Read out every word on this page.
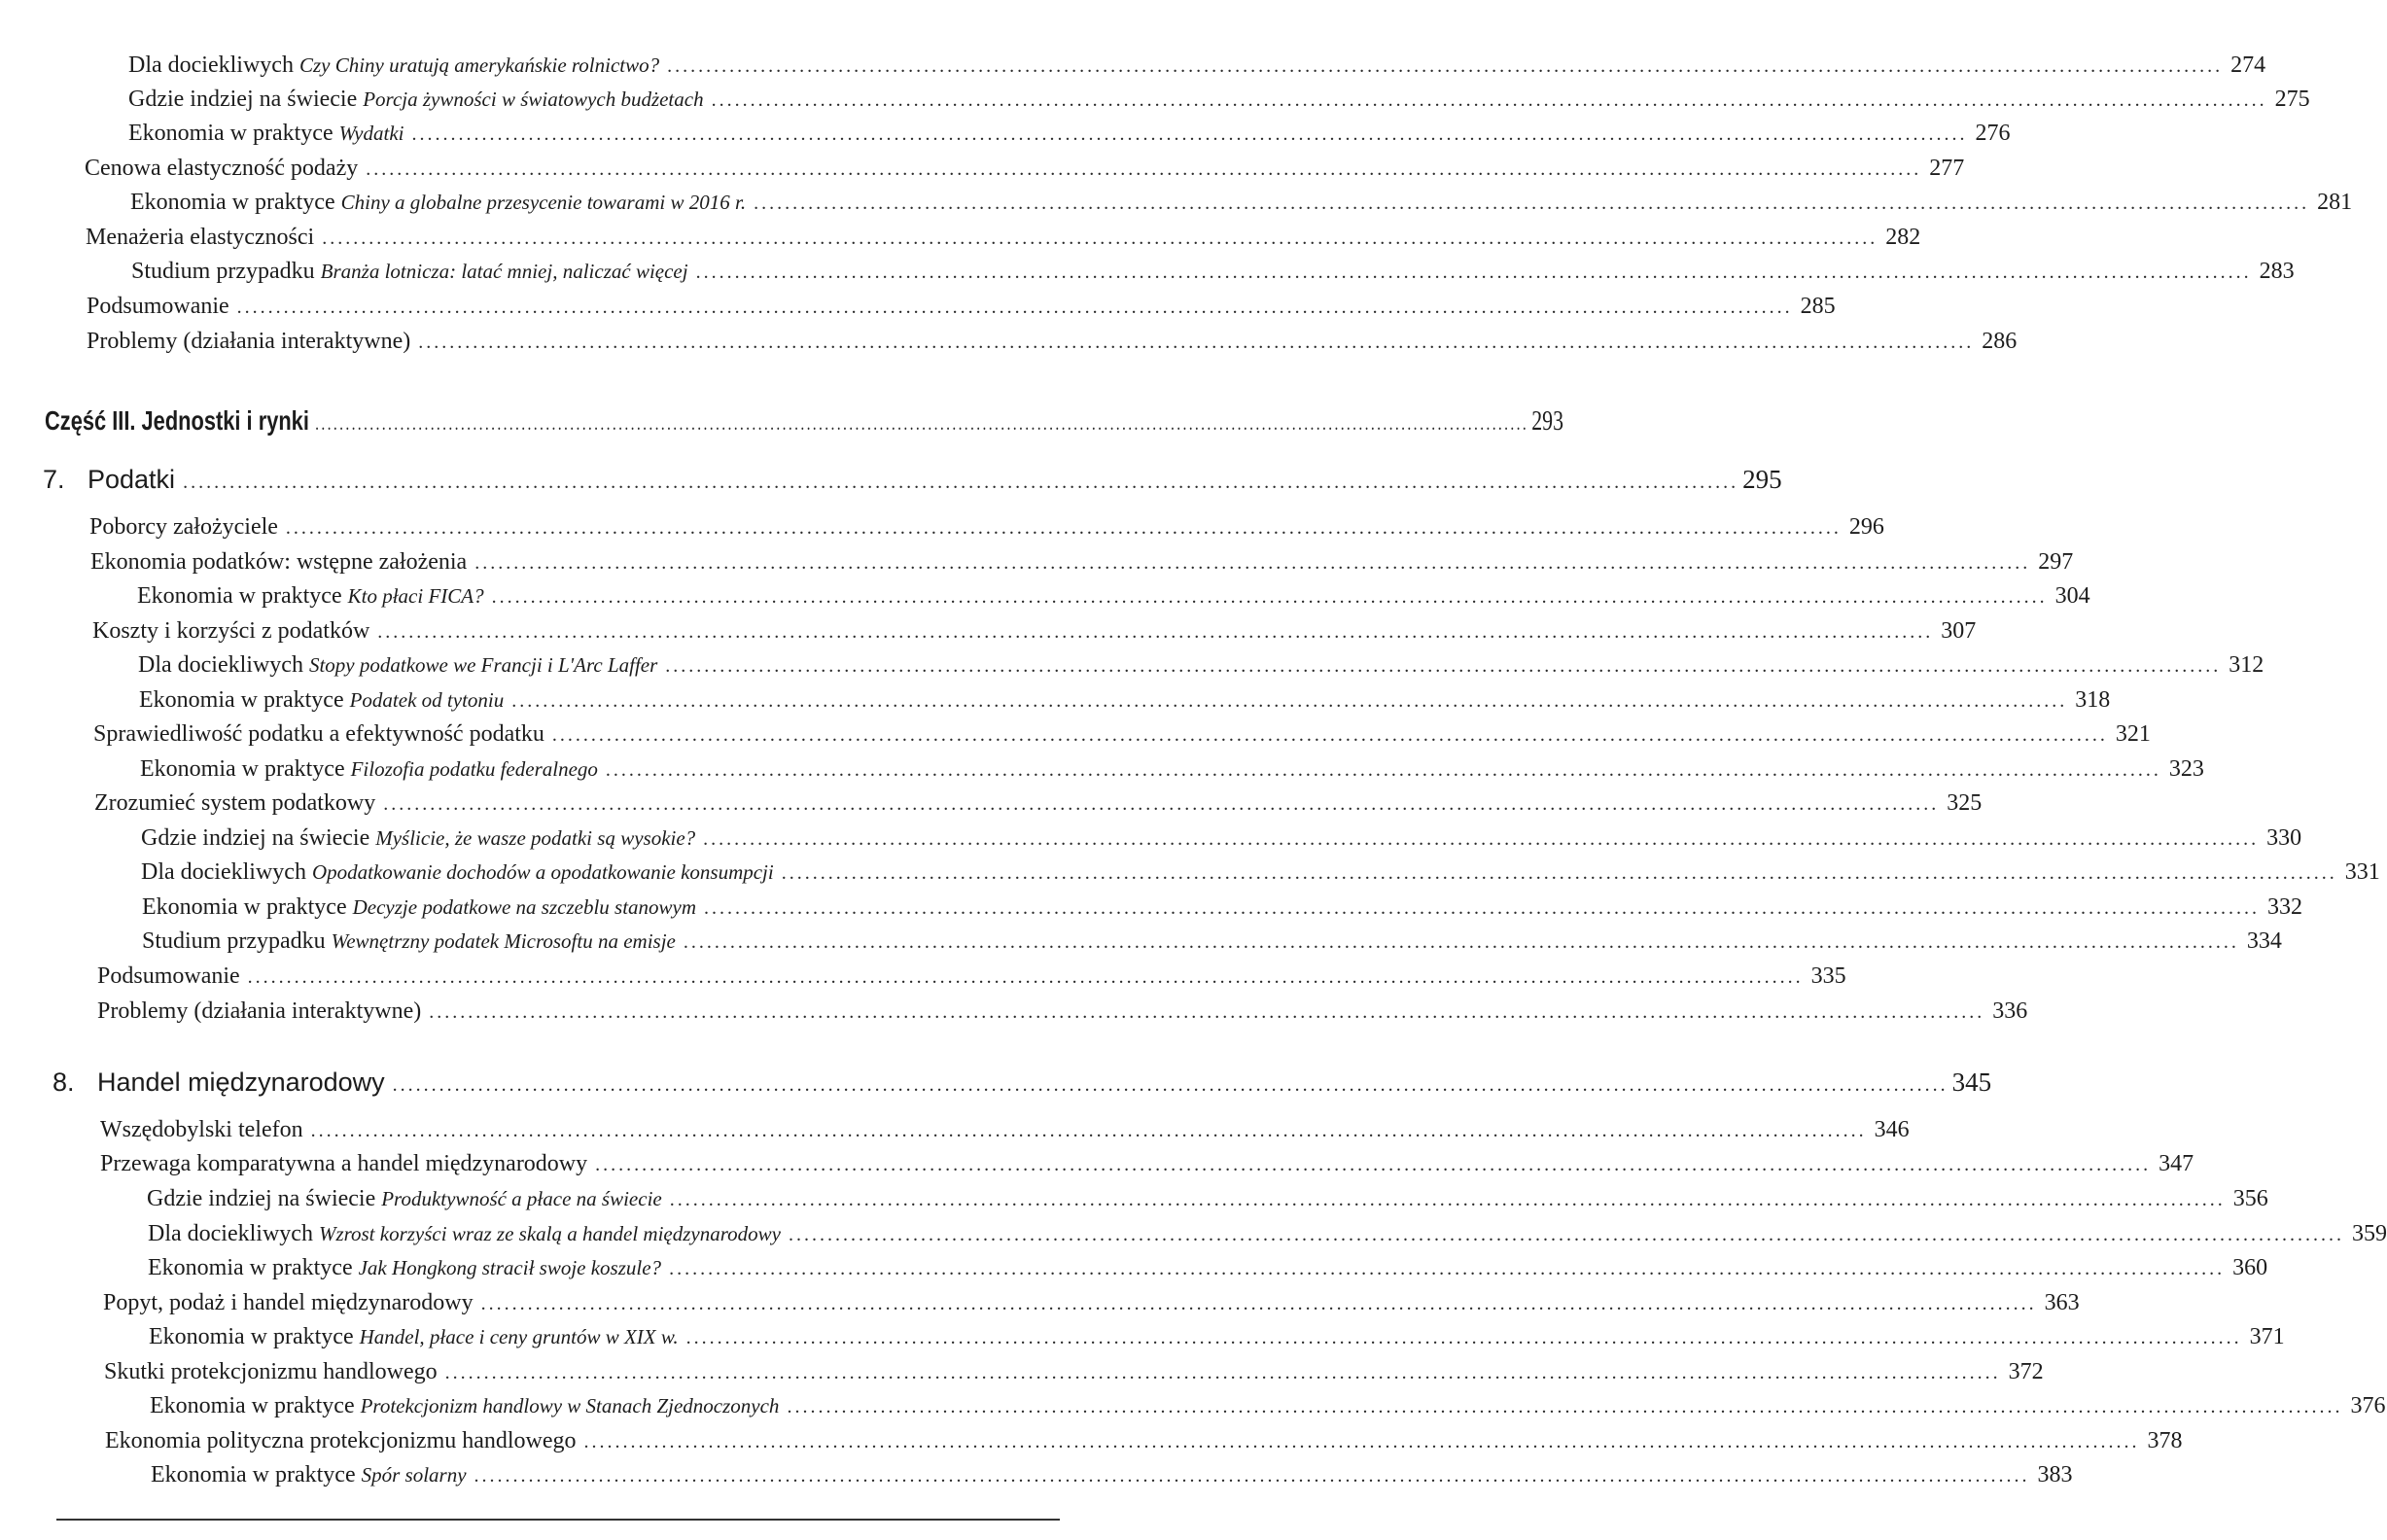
Dla dociekliwych Czy Chiny uratują amerykańskie rolnictwo? ........................................................................................................................................................................................................ 274
Gdzie indziej na świecie Porcja żywności w światowych budżetach ........................................................................................................................................................................................................ 275
Ekonomia w praktyce Wydatki ........................................................................................................................................................................................................ 276
Cenowa elastyczność podaży ........................................................................................................................................................................................................ 277
Ekonomia w praktyce Chiny a globalne przesycenie towarami w 2016 r. ........................................................................................................................................................................................................ 281
Menażeria elastyczności ........................................................................................................................................................................................................ 282
Studium przypadku Branża lotnicza: latać mniej, naliczać więcej ........................................................................................................................................................................................................ 283
Podsumowanie ........................................................................................................................................................................................................ 285
Problemy (działania interaktywne) ........................................................................................................................................................................................................ 286
Część III. Jednostki i rynki ........................................................................................................................................................................................................ 293
7. Podatki ........................................................................................................................................................................................................ 295
Poborcy założyciele ........................................................................................................................................................................................................ 296
Ekonomia podatków: wstępne założenia ........................................................................................................................................................................................................ 297
Ekonomia w praktyce Kto płaci FICA? ........................................................................................................................................................................................................ 304
Koszty i korzyści z podatków ........................................................................................................................................................................................................ 307
Dla dociekliwych Stopy podatkowe we Francji i L'Arc Laffer ........................................................................................................................................................................................................ 312
Ekonomia w praktyce Podatek od tytoniu ........................................................................................................................................................................................................ 318
Sprawiedliwość podatku a efektywność podatku ........................................................................................................................................................................................................ 321
Ekonomia w praktyce Filozofia podatku federalnego ........................................................................................................................................................................................................ 323
Zrozumieć system podatkowy ........................................................................................................................................................................................................ 325
Gdzie indziej na świecie Myślicie, że wasze podatki są wysokie? ........................................................................................................................................................................................................ 330
Dla dociekliwych Opodatkowanie dochodów a opodatkowanie konsumpcji ........................................................................................................................................................................................................ 331
Ekonomia w praktyce Decyzje podatkowe na szczeblu stanowym ........................................................................................................................................................................................................ 332
Studium przypadku Wewnętrzny podatek Microsoftu na emisje ........................................................................................................................................................................................................ 334
Podsumowanie ........................................................................................................................................................................................................ 335
Problemy (działania interaktywne) ........................................................................................................................................................................................................ 336
8. Handel międzynarodowy ........................................................................................................................................................................................................ 345
Wszędobylski telefon ........................................................................................................................................................................................................ 346
Przewaga komparatywna a handel międzynarodowy ........................................................................................................................................................................................................ 347
Gdzie indziej na świecie Produktywność a płace na świecie ........................................................................................................................................................................................................ 356
Dla dociekliwych Wzrost korzyści wraz ze skalą a handel międzynarodowy ........................................................................................................................................................................................................ 359
Ekonomia w praktyce Jak Hongkong stracił swoje koszule? ........................................................................................................................................................................................................ 360
Popyt, podaż i handel międzynarodowy ........................................................................................................................................................................................................ 363
Ekonomia w praktyce Handel, płace i ceny gruntów w XIX w. ........................................................................................................................................................................................................ 371
Skutki protekcjonizmu handlowego ........................................................................................................................................................................................................ 372
Ekonomia w praktyce Protekcjonizm handlowy w Stanach Zjednoczonych ........................................................................................................................................................................................................ 376
Ekonomia polityczna protekcjonizmu handlowego ........................................................................................................................................................................................................ 378
Ekonomia w praktyce Spór solarny ........................................................................................................................................................................................................ 383
